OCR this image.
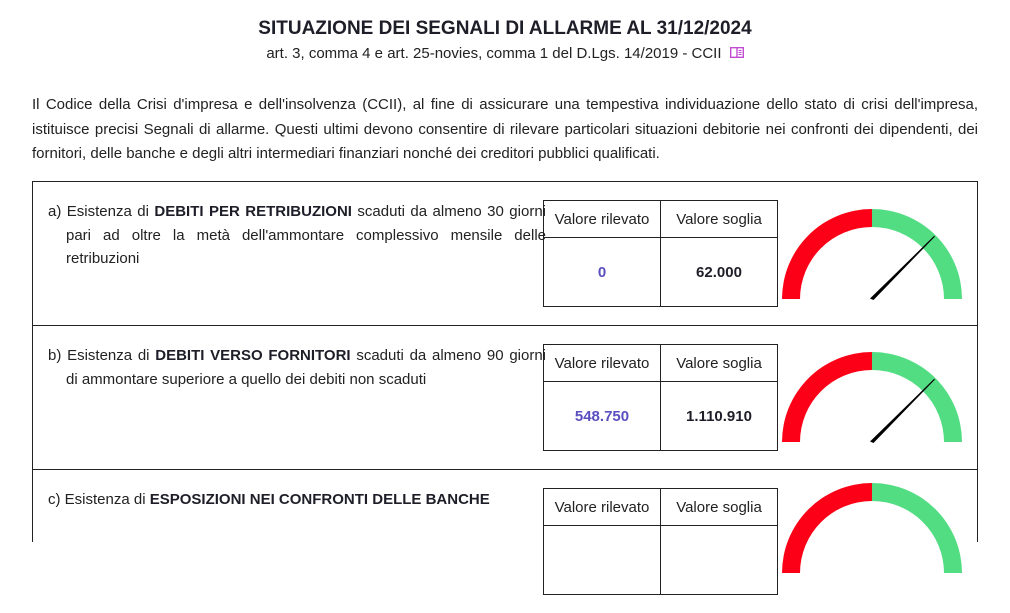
SITUAZIONE DEI SEGNALI DI ALLARME AL 31/12/2024
art. 3, comma 4 e art. 25-novies, comma 1 del D.Lgs. 14/2019 - CCII
Il Codice della Crisi d'impresa e dell'insolvenza (CCII), al fine di assicurare una tempestiva individuazione dello stato di crisi dell'impresa, istituisce precisi Segnali di allarme. Questi ultimi devono consentire di rilevare particolari situazioni debitorie nei confronti dei dipendenti, dei fornitori, delle banche e degli altri intermediari finanziari nonché dei creditori pubblici qualificati.
a) Esistenza di DEBITI PER RETRIBUZIONI scaduti da almeno 30 giorni pari ad oltre la metà dell'ammontare complessivo mensile delle retribuzioni
Valore rilevato	Valore soglia
0	62.000
b) Esistenza di DEBITI VERSO FORNITORI scaduti da almeno 90 giorni di ammontare superiore a quello dei debiti non scaduti
Valore rilevato	Valore soglia
548.750	1.110.910
c) Esistenza di ESPOSIZIONI NEI CONFRONTI DELLE BANCHE	Valore rilevato	Valore soglia
